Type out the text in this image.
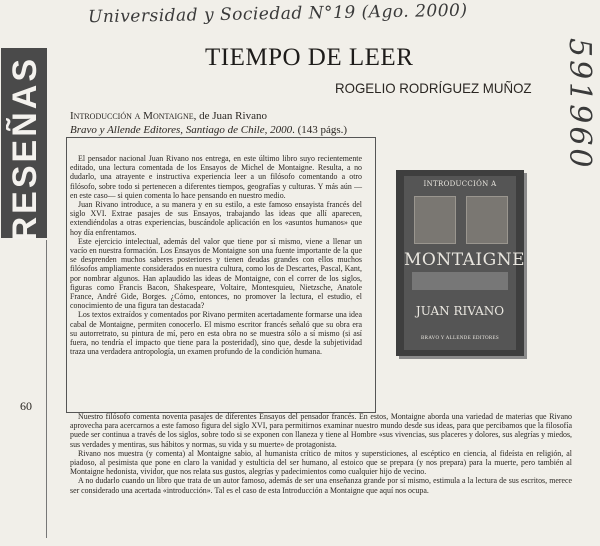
Universidad y Sociedad N°19 (Ago. 2000)
591960
RESEÑAS
60
TIEMPO DE LEER
ROGELIO RODRÍGUEZ MUÑOZ
Introducción a Montaigne, de Juan Rivano
Bravo y Allende Editores, Santiago de Chile, 2000. (143 págs.)
INTRODUCCIÓN A
MONTAIGNE
JUAN RIVANO
BRAVO Y ALLENDE EDITORES

El pensador nacional Juan Rivano nos entrega, en este último libro suyo recientemente editado, una lectura comentada de los Ensayos de Michel de Montaigne. Resulta, a no dudarlo, una atrayente e instructiva experiencia leer a un filósofo comentando a otro filósofo, sobre todo si pertenecen a diferentes tiempos, geografías y culturas. Y más aún —en este caso— si quien comenta lo hace pensando en nuestro medio.

Juan Rivano introduce, a su manera y en su estilo, a este famoso ensayista francés del siglo XVI. Extrae pasajes de sus Ensayos, trabajando las ideas que allí aparecen, extendiéndolas a otras experiencias, buscándole aplicación en los «asuntos humanos» que hoy día enfrentamos.

Este ejercicio intelectual, además del valor que tiene por sí mismo, viene a llenar un vacío en nuestra formación. Los Ensayos de Montaigne son una fuente importante de la que se desprenden muchos saberes posteriores y tienen deudas grandes con ellos muchos filósofos ampliamente considerados en nuestra cultura, como los de Descartes, Pascal, Kant, por nombrar algunos. Han aplaudido las ideas de Montaigne, con el correr de los siglos, figuras como Francis Bacon, Shakespeare, Voltaire, Montesquieu, Nietzsche, Anatole France, André Gide, Borges. ¿Cómo, entonces, no promover la lectura, el estudio, el conocimiento de una figura tan destacada?

Los textos extraídos y comentados por Rivano permiten acertadamente formarse una idea cabal de Montaigne, permiten conocerlo. El mismo escritor francés señaló que su obra era su autorretrato, su pintura de mí, pero en esta obra no se muestra sólo a sí mismo (si así fuera, no tendría el impacto que tiene para la posteridad), sino que, desde la subjetividad traza una verdadera antropología, un examen profundo de la condición humana.

Nuestro filósofo comenta noventa pasajes de diferentes Ensayos del pensador francés. En estos, Montaigne aborda una variedad de materias que Rivano aprovecha para acercarnos a este famoso figura del siglo XVI, para permitirnos examinar nuestro mundo desde sus ideas, para que percibamos que la filosofía puede ser continua a través de los siglos, sobre todo si se exponen con llaneza y tiene al Hombre «sus vivencias, sus placeres y dolores, sus alegrías y miedos, sus verdades y mentiras, sus hábitos y normas, su vida y su muerte» de protagonista.

Rivano nos muestra (y comenta) al Montaigne sabio, al humanista crítico de mitos y supersticiones, al escéptico en ciencia, al fideísta en religión, al piadoso, al pesimista que pone en claro la vanidad y estulticia del ser humano, al estoico que se prepara (y nos prepara) para la muerte, pero también al Montaigne hedonista, vividor, que nos relata sus gustos, alegrías y padecimientos como cualquier hijo de vecino.

A no dudarlo cuando un libro que trata de un autor famoso, además de ser una enseñanza grande por sí mismo, estimula a la lectura de sus escritos, merece ser considerado una acertada «introducción». Tal es el caso de esta Introducción a Montaigne que aquí nos ocupa.
